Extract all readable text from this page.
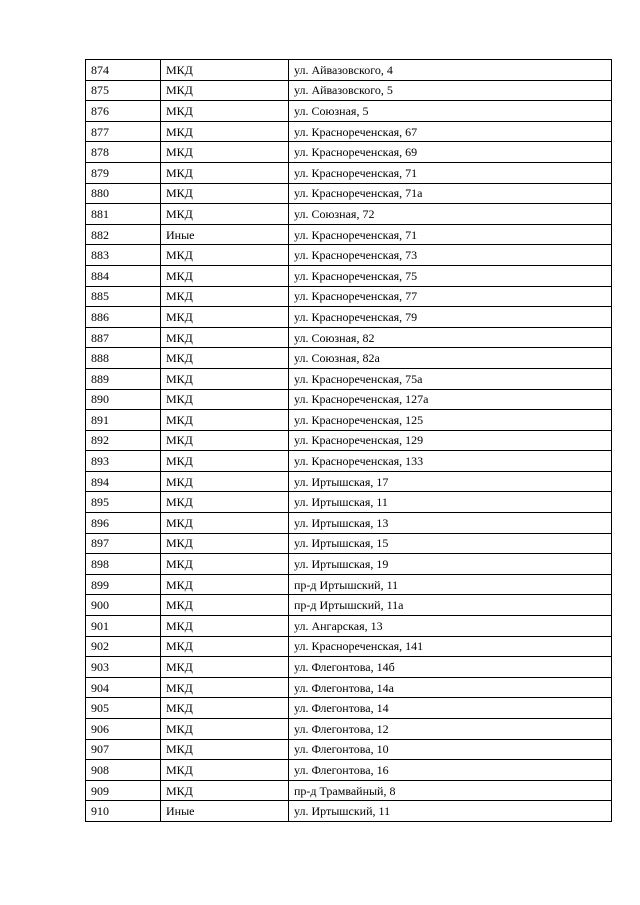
874	МКД	ул. Айвазовского, 4
875	МКД	ул. Айвазовского, 5
876	МКД	ул. Союзная, 5
877	МКД	ул. Краснореченская, 67
878	МКД	ул. Краснореченская, 69
879	МКД	ул. Краснореченская, 71
880	МКД	ул. Краснореченская, 71а
881	МКД	ул. Союзная, 72
882	Иные	ул. Краснореченская, 71
883	МКД	ул. Краснореченская, 73
884	МКД	ул. Краснореченская, 75
885	МКД	ул. Краснореченская, 77
886	МКД	ул. Краснореченская, 79
887	МКД	ул. Союзная, 82
888	МКД	ул. Союзная, 82а
889	МКД	ул. Краснореченская, 75а
890	МКД	ул. Краснореченская, 127а
891	МКД	ул. Краснореченская, 125
892	МКД	ул. Краснореченская, 129
893	МКД	ул. Краснореченская, 133
894	МКД	ул. Иртышская, 17
895	МКД	ул. Иртышская, 11
896	МКД	ул. Иртышская, 13
897	МКД	ул. Иртышская, 15
898	МКД	ул. Иртышская, 19
899	МКД	пр-д Иртышский, 11
900	МКД	пр-д Иртышский, 11а
901	МКД	ул. Ангарская, 13
902	МКД	ул. Краснореченская, 141
903	МКД	ул. Флегонтова, 14б
904	МКД	ул. Флегонтова, 14а
905	МКД	ул. Флегонтова, 14
906	МКД	ул. Флегонтова, 12
907	МКД	ул. Флегонтова, 10
908	МКД	ул. Флегонтова, 16
909	МКД	пр-д Трамвайный, 8
910	Иные	ул. Иртышский, 11
